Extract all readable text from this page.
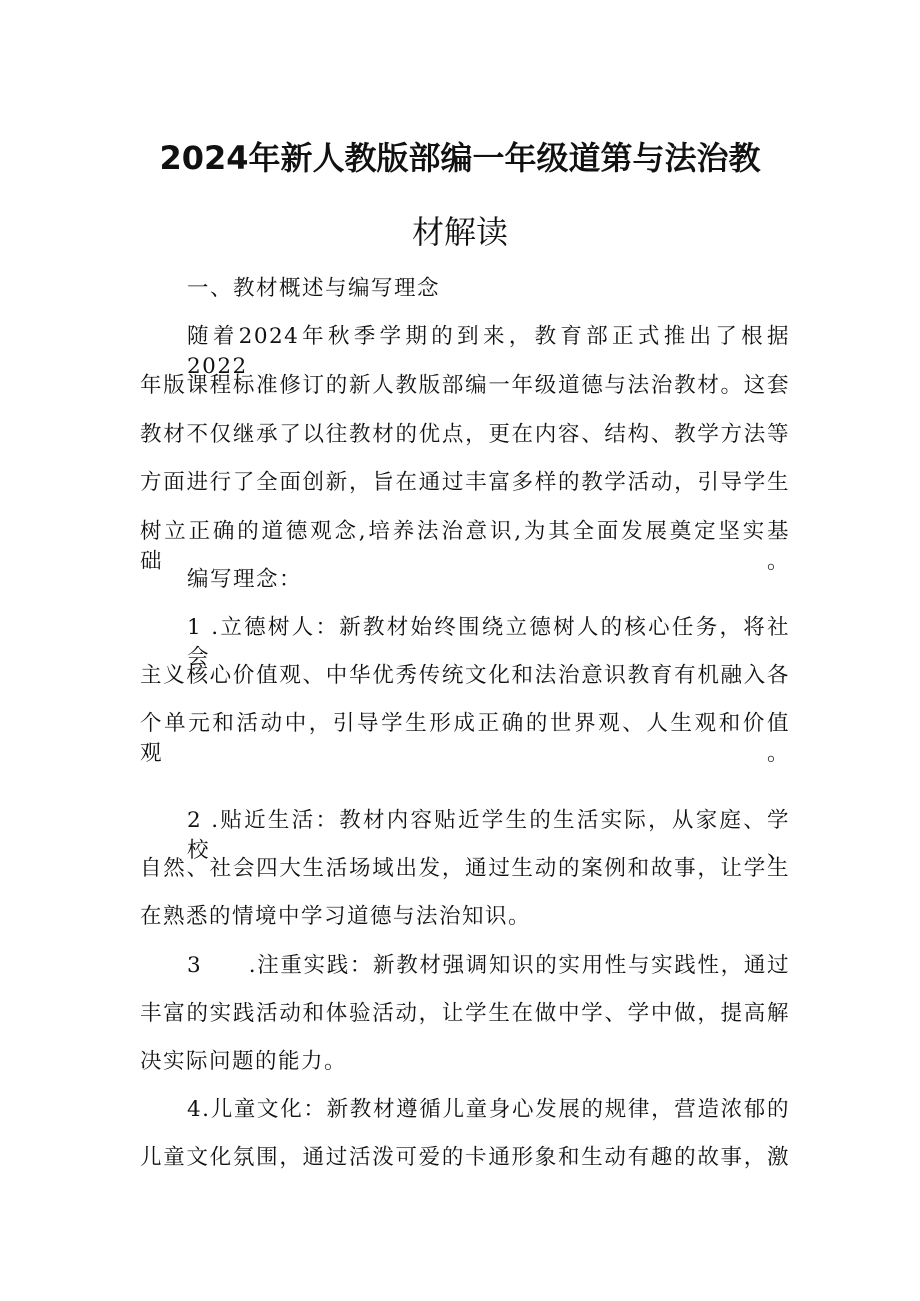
2024年新人教版部编一年级道第与法治教
材解读
一、教材概述与编写理念
随着2024年秋季学期的到来，教育部正式推出了根据2022
年版课程标准修订的新人教版部编一年级道德与法治教材。这套
教材不仅继承了以往教材的优点，更在内容、结构、教学方法等
方面进行了全面创新，旨在通过丰富多样的教学活动，引导学生
树立正确的道德观念,培养法治意识,为其全面发展奠定坚实基础。
编写理念：
1 .立德树人：新教材始终围绕立德树人的核心任务，将社会
主义核心价值观、中华优秀传统文化和法治意识教育有机融入各
个单元和活动中，引导学生形成正确的世界观、人生观和价值观。
2 .贴近生活：教材内容贴近学生的生活实际，从家庭、学校、
自然、社会四大生活场域出发，通过生动的案例和故事，让学生
在熟悉的情境中学习道德与法治知识。
3　　.注重实践：新教材强调知识的实用性与实践性，通过
丰富的实践活动和体验活动，让学生在做中学、学中做，提高解
决实际问题的能力。
4.儿童文化：新教材遵循儿童身心发展的规律，营造浓郁的
儿童文化氛围，通过活泼可爱的卡通形象和生动有趣的故事，激
